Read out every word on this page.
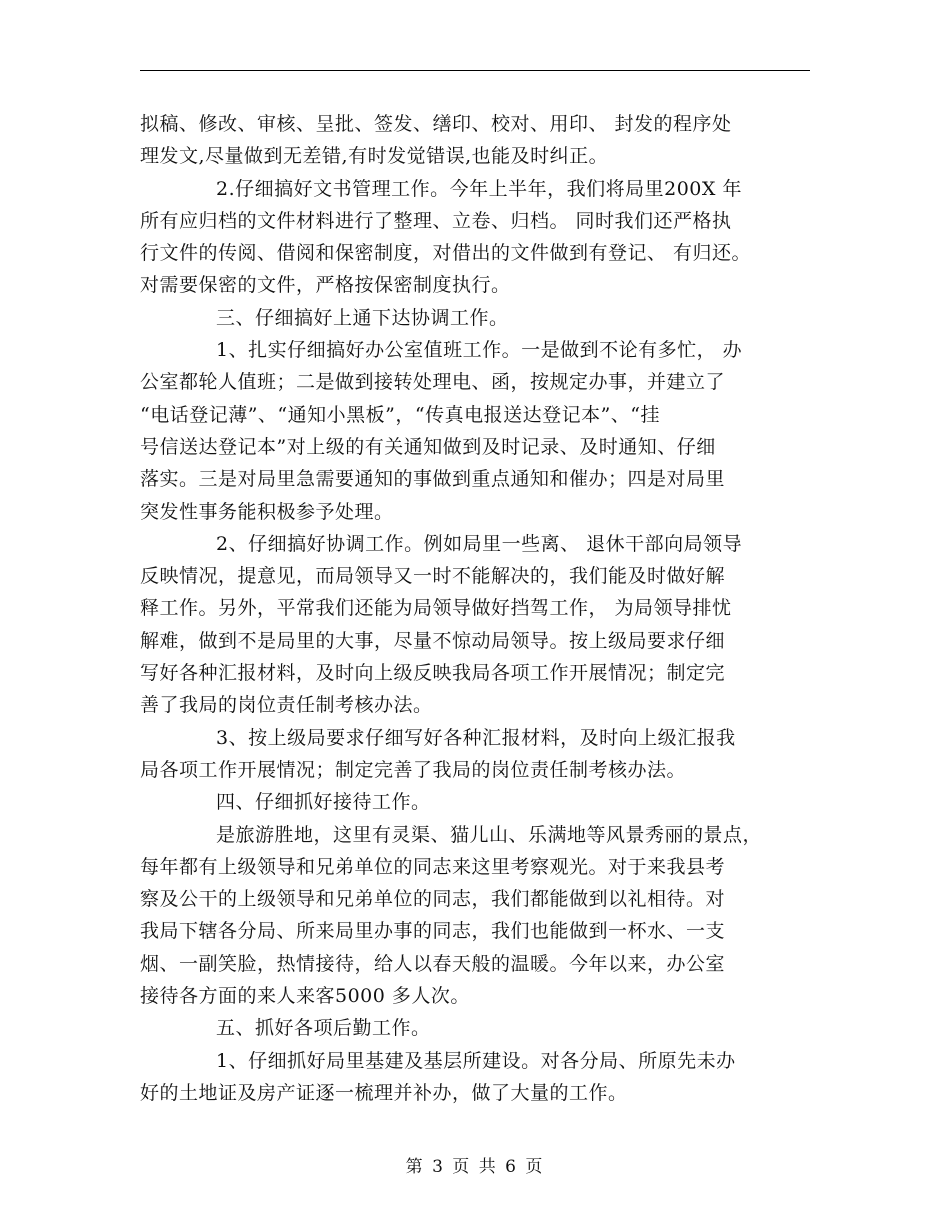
拟稿、修改、审核、呈批、签发、缮印、校对、用印、 封发的程序处
理发文,尽量做到无差错,有时发觉错误,也能及时纠正。
2.仔细搞好文书管理工作。今年上半年，我们将局里200X 年
所有应归档的文件材料进行了整理、立卷、归档。 同时我们还严格执
行文件的传阅、借阅和保密制度，对借出的文件做到有登记、 有归还。
对需要保密的文件，严格按保密制度执行。
三、仔细搞好上通下达协调工作。
1、扎实仔细搞好办公室值班工作。一是做到不论有多忙， 办
公室都轮人值班；二是做到接转处理电、函，按规定办事，并建立了
“电话登记薄”、“通知小黑板”，“传真电报送达登记本”、“挂
号信送达登记本”对上级的有关通知做到及时记录、及时通知、仔细
落实。三是对局里急需要通知的事做到重点通知和催办；四是对局里
突发性事务能积极参予处理。
2、仔细搞好协调工作。例如局里一些离、 退休干部向局领导
反映情况，提意见，而局领导又一时不能解决的，我们能及时做好解
释工作。另外，平常我们还能为局领导做好挡驾工作， 为局领导排忧
解难，做到不是局里的大事，尽量不惊动局领导。按上级局要求仔细
写好各种汇报材料，及时向上级反映我局各项工作开展情况；制定完
善了我局的岗位责任制考核办法。
3、按上级局要求仔细写好各种汇报材料，及时向上级汇报我
局各项工作开展情况；制定完善了我局的岗位责任制考核办法。
四、仔细抓好接待工作。
是旅游胜地，这里有灵渠、猫儿山、乐满地等风景秀丽的景点，
每年都有上级领导和兄弟单位的同志来这里考察观光。对于来我县考
察及公干的上级领导和兄弟单位的同志，我们都能做到以礼相待。对
我局下辖各分局、所来局里办事的同志，我们也能做到一杯水、一支
烟、一副笑脸，热情接待，给人以春天般的温暖。今年以来，办公室
接待各方面的来人来客5000 多人次。
五、抓好各项后勤工作。
1、仔细抓好局里基建及基层所建设。对各分局、所原先未办
好的土地证及房产证逐一梳理并补办，做了大量的工作。
第 3 页 共 6 页
